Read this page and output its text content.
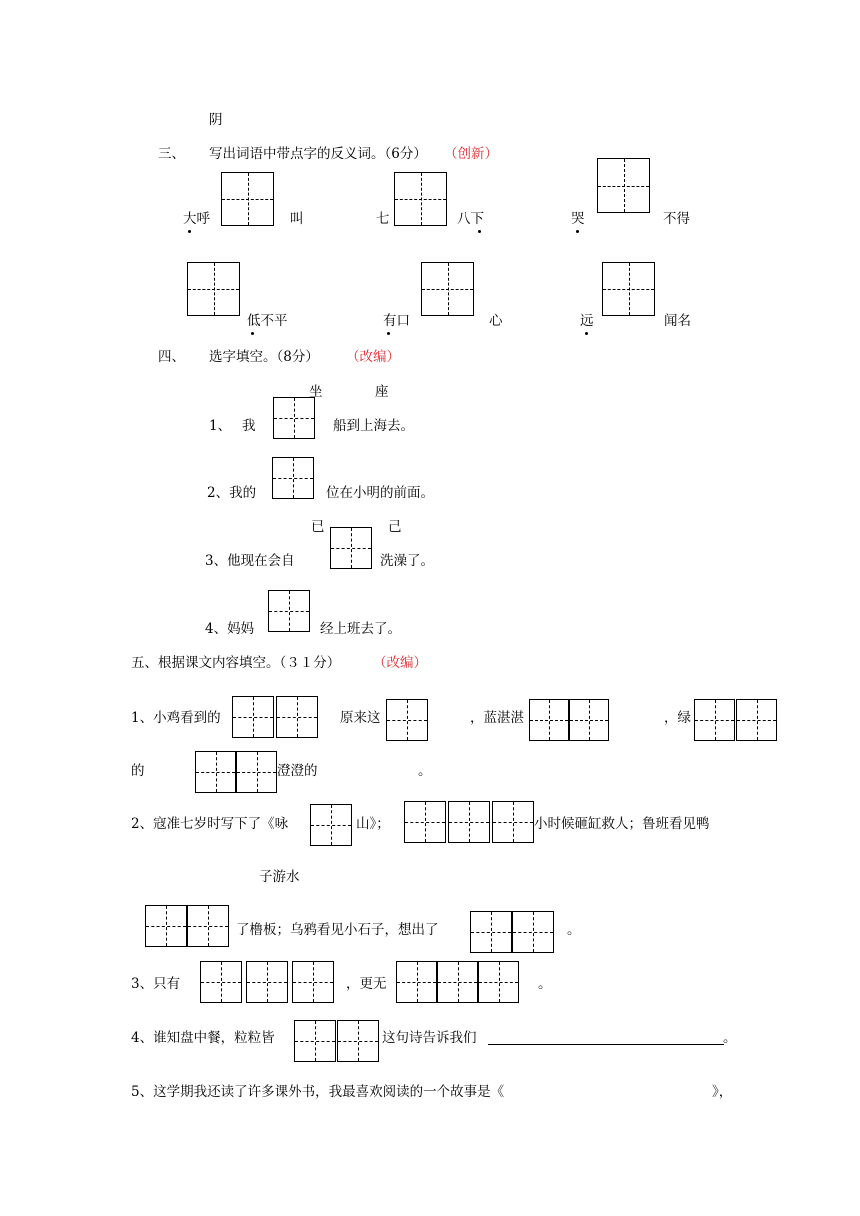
阴
三、 写出词语中带点字的反义词。（6分） （创新）
大呼	叫	七	八下	哭	不得
低不平	有口	心	远	闻名
四、 选字填空。（8分） （改编）
坐	座
1、 我	船到上海去。
2、我的	位在小明的前面。
已	己
3、他现在会自	洗澡了。
4、妈妈	经上班去了。
五、根据课文内容填空。（３１分） （改编）
1、小鸡看到的	原来这	，蓝湛湛	，绿
的	澄澄的	。
2、寇准七岁时写下了《咏	山》；	小时候砸缸救人；鲁班看见鸭
子游水
了橹板；乌鸦看见小石子，想出了	。
3、只有	，更无	。
4、谁知盘中餐，粒粒皆	这句诗告诉我们	。
5、这学期我还读了许多课外书，我最喜欢阅读的一个故事是《	》，
